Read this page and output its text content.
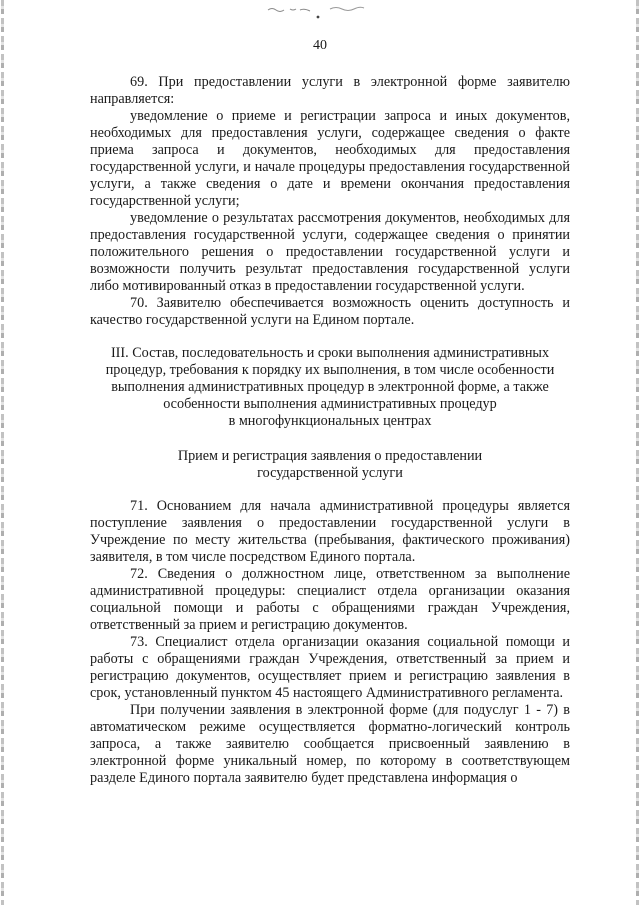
40

69. При предоставлении услуги в электронной форме заявителю направляется:

уведомление о приеме и регистрации запроса и иных документов, необходимых для предоставления услуги, содержащее сведения о факте приема запроса и документов, необходимых для предоставления государственной услуги, и начале процедуры предоставления государственной услуги, а также сведения о дате и времени окончания предоставления государственной услуги;

уведомление о результатах рассмотрения документов, необходимых для предоставления государственной услуги, содержащее сведения о принятии положительного решения о предоставлении государственной услуги и возможности получить результат предоставления государственной услуги либо мотивированный отказ в предоставлении государственной услуги.

70. Заявителю обеспечивается возможность оценить доступность и качество государственной услуги на Едином портале.

III. Состав, последовательность и сроки выполнения административных
процедур, требования к порядку их выполнения, в том числе особенности
выполнения административных процедур в электронной форме, а также
особенности выполнения административных процедур
в многофункциональных центрах
Прием и регистрация заявления о предоставлении
государственной услуги

71. Основанием для начала административной процедуры является поступление заявления о предоставлении государственной услуги в Учреждение по месту жительства (пребывания, фактического проживания) заявителя, в том числе посредством Единого портала.

72. Сведения о должностном лице, ответственном за выполнение административной процедуры: специалист отдела организации оказания социальной помощи и работы с обращениями граждан Учреждения, ответственный за прием и регистрацию документов.

73. Специалист отдела организации оказания социальной помощи и работы с обращениями граждан Учреждения, ответственный за прием и регистрацию документов, осуществляет прием и регистрацию заявления в срок, установленный пунктом 45 настоящего Административного регламента.

При получении заявления в электронной форме (для подуслуг 1 - 7) в автоматическом режиме осуществляется форматно-логический контроль запроса, а также заявителю сообщается присвоенный заявлению в электронной форме уникальный номер, по которому в соответствующем разделе Единого портала заявителю будет представлена информация о
